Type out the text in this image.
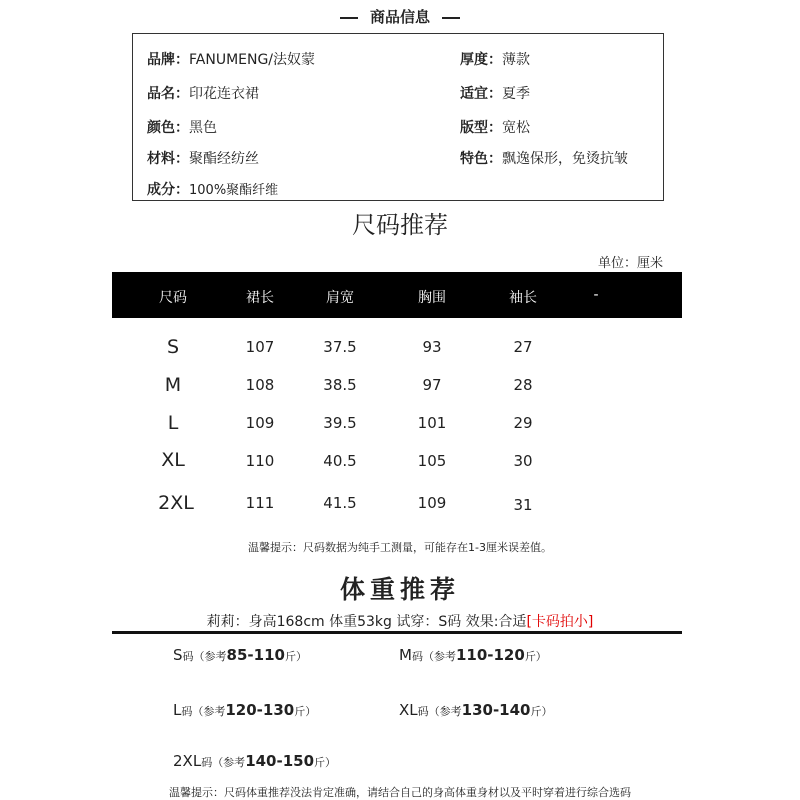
商品信息
品牌：FANUMENG/法奴蒙
品名：印花连衣裙
颜色：黑色
材料：聚酯经纺丝
成分：100%聚酯纤维
厚度：薄款
适宜：夏季
版型：宽松
特色：飘逸保形，免烫抗皱
尺码推荐
单位：厘米
尺码	裙长	肩宽	胸围	袖长	-
S	107	37.5	93	27
M	108	38.5	97	28
L	109	39.5	101	29
XL	110	40.5	105	30
2XL	111	41.5	109	31
温馨提示：尺码数据为纯手工测量，可能存在1-3厘米误差值。
体重推荐
莉莉：身高168cm 体重53kg 试穿：S码 效果:合适[卡码拍小]
S码（参考85-110斤）	M码（参考110-120斤）
L码（参考120-130斤）	XL码（参考130-140斤）
2XL码（参考140-150斤）
温馨提示：尺码体重推荐没法肯定准确，请结合自己的身高体重身材以及平时穿着进行综合选码
